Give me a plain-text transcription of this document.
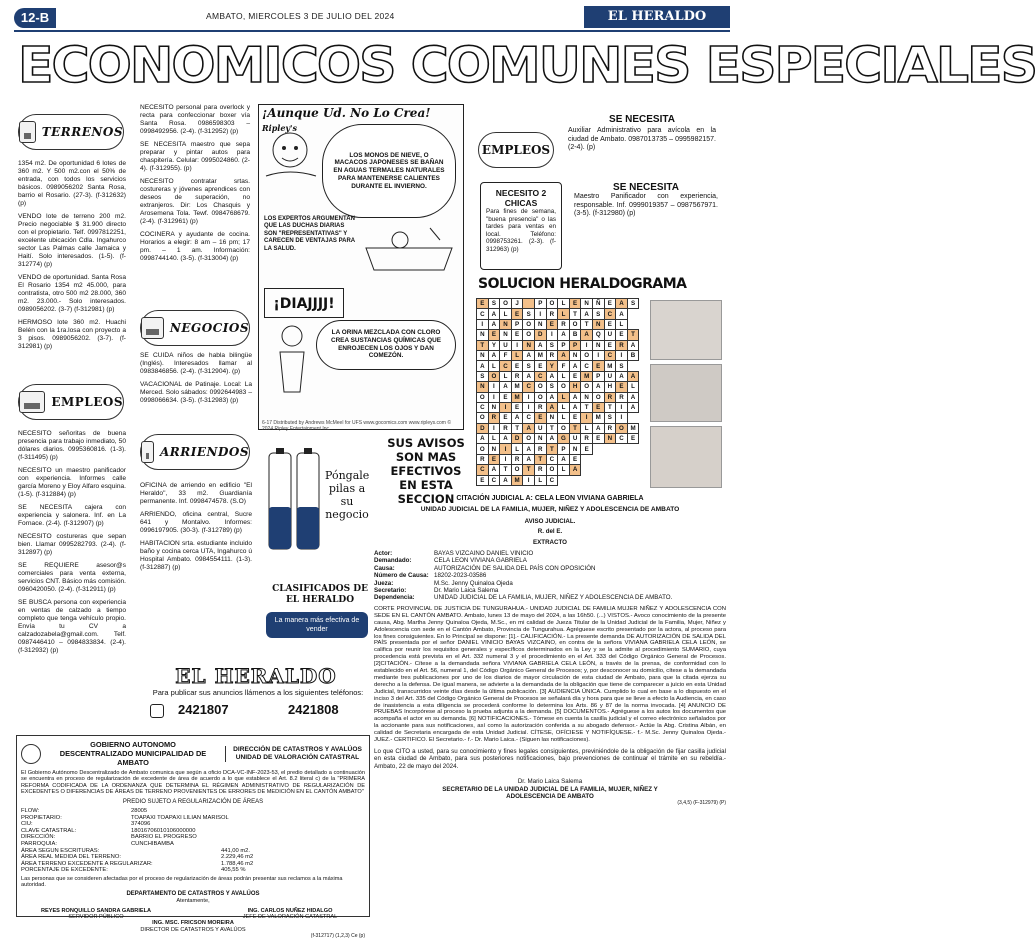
12-B	AMBATO, MIERCOLES 3 DE JULIO DEL 2024	EL HERALDO
ECONOMICOS COMUNES ESPECIALES
TERRENOS

1354 m2. De oportunidad 6 lotes de 360 m2. Y 500 m2.con el 50% de entrada, con todos los servicios básicos. 0989056202 Santa Rosa, barrio el Rosario. (27-3). (f-312632) (p)

VENDO lote de terreno 200 m2. Precio negociable $ 31.900 directo con el propietario. Telf. 0997812251, excelente ubicación Cdla. Ingahurco sector Las Palmas calle Jamaica y Haití. Solo interesados. (1-5). (f-312774) (p)

VENDO de oportunidad. Santa Rosa El Rosario 1354 m2 45.000, para contratista, otro 500 m2 28.000, 360 m2. 23.000.- Solo interesados. 0989056202. (3-7) (f-312981) (p)

HERMOSO lote 360 m2. Huachi Belén con la 1ra.losa con proyecto a 3 pisos. 0989056202. (3-7). (f-312981) (p)

EMPLEOS

NECESITO señoritas de buena presencia para trabajo inmediato, 50 dólares diarios. 0995360816. (1-3). (f-311495) (p)

NECESITO un maestro panificador con experiencia. Informes calle garcía Moreno y Eloy Alfaro esquina. (1-5). (f-312884) (p)

SE NECESITA cajera con experiencia y salonera. Inf. en La Fornace. (2-4). (f-312907) (p)

NECESITO costureras que sepan bien. Llamar 0995282793. (2-4). (f-312897) (p)

SE REQUIERE asesor@s comerciales para venta externa, servicios CNT. Básico más comisión. 0960420050. (2-4). (f-312911) (p)

SE BUSCA persona con experiencia en ventas de calzado a tiempo completo que tenga vehículo propio. Envía tu CV a calzadozabela@gmail.com. Telf. 0987446410 – 0984833834. (2-4). (f-312932) (p)

NECESITO personal para overlock y recta para confeccionar boxer vía Santa Rosa. 0986598303 – 0998492956. (2-4). (f-312952) (p)

SE NECESITA maestro que sepa preparar y pintar autos para chaspitería. Celular: 0995024860. (2-4). (f-312955). (p)

NECESITO contratar srtas. costureras y jóvenes aprendices con deseos de superación, no extranjeros. Dir: Los Chasquis y Arosemena Tola. Tewf. 0984768679. (2-4). (f-312961) (p)

COCINERA y ayudante de cocina. Horarios a elegir: 8 am – 16 pm; 17 pm. – 1 am. Información: 0998744140. (3-5). (f-313004) (p)

NEGOCIOS

SE CUIDA niños de habla bilingüe (Inglés). Interesados llamar al 0983846856. (2-4). (f-312904). (p)

VACACIONAL de Patinaje. Local: La Merced. Solo sábados: 0992644983 – 0998066634. (3-5). (f-312983) (p)

ARRIENDOS

OFICINA de arriendo en edificio "El Heraldo", 33 m2. Guardianía permanente. Inf. 0998474578. (S.O)

ARRIENDO, oficina central, Sucre 641 y Montalvo. Informes: 0996197905. (30-3). (f-312789) (p)

HABITACION srta. estudiante incluido baño y cocina cerca UTA, Ingahurco ú Hospital Ambato. 0984554111. (1-3). (f-312887) (p)

¡Aunque Ud. No Lo Crea! Ripley's
LOS MONOS DE NIEVE, O MACACOS JAPONESES SE BAÑAN EN AGUAS TERMALES NATURALES PARA MANTENERSE CALIENTES DURANTE EL INVIERNO.
LOS EXPERTOS ARGUMENTAN QUE LAS DUCHAS DIARIAS SON "REPRESENTATIVAS" Y CARECEN DE VENTAJAS PARA LA SALUD.
¡DIAJJJJ!
LA ORINA MEZCLADA CON CLORO CREA SUSTANCIAS QUÍMICAS QUE ENROJECEN LOS OJOS Y DAN COMEZÓN.
6-17 Distributed by Andrews McMeel for UFS www.gocomics.com www.ripleys.com © 2024 Ripley Entertainment Inc.
SUS AVISOS SON MAS EFECTIVOS EN ESTA SECCION
Póngale pilas a su negocio
CLASIFICADOS DE EL HERALDO
La manera más efectiva de vender
EL HERALDO
Para publicar sus anuncios llámenos a los siguientes teléfonos:
2421807	2421808
EMPLEOS
SE NECESITA
Auxiliar Administrativo para avícola en la ciudad de Ambato. 0987013735 – 0995982157. (2-4). (p)
NECESITO 2 CHICAS
Para fines de semana, "buena presencia" o las tardes para ventas en local. Teléfono: 0998753261. (2-3). (f-312963) (p)
SE NECESITA
Maestro Panificador con experiencia, responsable. Inf. 0999019357 – 0987567971. (3-5). (f-312980) (p)
SOLUCION HERALDOGRAMA
E	S	O	J		P	O	L	E	N	Ñ	E	A	S
C	A	L	E	S	I	R	L	T	A	S	C	A	
I	A	N	P	O	N	E	R	O	T	N	E	L	
N	E	N	E	O	D	I	A	B	A	Q	U	E	T
T	Y	U	I	N	A	S	P	P	I	N	E	R	A
N	A	F	L	A	M	R	A	N	O	I	C	I	B
A	L	C	E	S	E	Y	F	A	C	E	M	S	
S	O	L	R	A	C	A	L	E	M	P	U	A	A
N	I	A	M	C	O	S	O	H	O	A	H	E	L
O	I	E	M	I	O	A	L	A	N	O	R	R	A
C	N	I	E	I	R	A	L	A	T	E	T	I	A
O	R	E	A	C	E	N	L	E	I	M	S	I	
D	I	R	T	A	U	T	O	T	L	A	R	O	M
A	L	A	D	O	N	A	G	U	R	E	N	C	E
O	N	I	L	A	R	T	P	N	E				
R	E	I	R	A	T	C	A	E					
C	A	T	O	T	R	O	L	A					
E	C	A	M	I	L	C							
CITACIÓN JUDICIAL A: CELA LEON VIVIANA GABRIELA
UNIDAD JUDICIAL DE LA FAMILIA, MUJER, NIÑEZ Y ADOLESCENCIA DE AMBATO
AVISO JUDICIAL.
R. del E.
EXTRACTO
Actor:	BAYAS VIZCAINO DANIEL VINICIO
Demandado:	CELA LEON VIVIANA GABRIELA
Causa:	AUTORIZACIÓN DE SALIDA DEL PAÍS CON OPOSICIÓN
Número de Causa: 18202-2023-03586
Jueza:	M.Sc. Jenny Quinaloa Ojeda
Secretario:	Dr. Mario Laica Salema
Dependencia:	UNIDAD JUDICIAL DE LA FAMILIA, MUJER, NIÑEZ Y ADOLESCENCIA DE AMBATO.
CORTE PROVINCIAL DE JUSTICIA DE TUNGURAHUA.- UNIDAD JUDICIAL DE FAMILIA MUJER NIÑEZ Y ADOLESCENCIA CON SEDE EN EL CANTÓN AMBATO. Ambato, lunes 13 de mayo del 2024, a las 16h50. (...) VISTOS.- Avoco conocimiento de la presente causa, Abg. Martha Jenny Quinaloa Ojeda, M.Sc., en mi calidad de Jueza Titular de la Unidad Judicial de la Familia, Mujer, Niñez y Adolescencia con sede en el Cantón Ambato, Provincia de Tungurahua. Agréguese escrito presentado por la actora, al proceso para los fines consiguientes. En lo Principal se dispone: [1].- CALIFICACIÓN.- La presente demanda DE AUTORIZACIÓN DE SALIDA DEL PAÍS presentada por el señor DANIEL VINICIO BAYAS VIZCAINO, en contra de la señora VIVIANA GABRIELA CELA LEÓN, se califica por reunir los requisitos generales y específicos determinados en la Ley y se la admite al procedimiento SUMARIO, cuya procedencia está prevista en el Art. 332 numeral 3 y el procedimiento en el Art. 333 del Código Orgánico General de Procesos. [2]CITACIÓN.- Cítese a la demandada señora VIVIANA GABRIELA CELA LEÓN, a través de la prensa, de conformidad con lo establecido en el Art. 56, numeral 1, del Código Orgánico General de Procesos; y, por desconocer su domicilio, cítese a la demandada mediante tres publicaciones por uno de los diarios de mayor circulación de esta ciudad de Ambato, para que la citada ejerza su derecho a la defensa. De igual manera, se advierte a la demandada de la obligación que tiene de comparecer a juicio en esta Unidad Judicial, transcurridos veinte días desde la última publicación. [3] AUDIENCIA ÚNICA. Cumplido lo cual en base a lo dispuesto en el inciso 3 del Art. 335 del Código Orgánico General de Procesos se señalará día y hora para que se lleve a efecto la Audiencia, en caso de inasistencia a esta diligencia se procederá conforme lo determina los Arts. 86 y 87 de la norma invocada. [4] ANUNCIO DE PRUEBAS Incorpórese al proceso la prueba adjunta a la demanda. [5] DOCUMENTOS.- Agréguese a los autos los documentos que acompaña el actor en su demanda. [6] NOTIFICACIONES.- Tómese en cuenta la casilla judicial y el correo electrónico señalados por la accionante para sus notificaciones, así como la autorización conferida a su abogado defensor.- Actúe la Abg. Cristina Albán, en calidad de Secretaria encargada de esta Unidad Judicial. CÍTESE, OFÍCIESE Y NOTIFÍQUESE.- f.- M.Sc. Jenny Quinaloa Ojeda.- JUEZ.- CERTIFICO. El Secretario.- f.- Dr. Mario Laica.- (Siguen las notificaciones).
Lo que CITO a usted, para su conocimiento y fines legales consiguientes, previniéndole de la obligación de fijar casilla judicial en esta ciudad de Ambato, para sus posteriores notificaciones, bajo prevenciones de continuar el trámite en su rebeldía.- Ambato, 22 de mayo del 2024.
Dr. Mario Laica Salema
SECRETARIO DE LA UNIDAD JUDICIAL DE LA FAMILIA, MUJER, NIÑEZ Y ADOLESCENCIA DE AMBATO
(3,4,5) (F-312979) (P)
GOBIERNO AUTONOMO DESCENTRALIZADO MUNICIPALIDAD DE AMBATO
DIRECCIÓN DE CATASTROS Y AVALÚOS UNIDAD DE VALORACIÓN CATASTRAL
El Gobierno Autónomo Descentralizado de Ambato comunica que según a oficio DCA-VC-INF-2023-53, el predio detallado a continuación se encuentra en proceso de regularización de excedente de área de acuerdo a lo que establece el Art. 8.2 literal c) de la "PRIMERA REFORMA CODIFICADA DE LA ORDENANZA QUE DETERMINA EL RÉGIMEN ADMINISTRATIVO DE REGULARIZACIÓN DE EXCEDENTES O DIFERENCIAS DE ÁREAS DE TERRENO PROVENIENTES DE ERRORES DE MEDICIÓN EN EL CANTÓN AMBATO"
PREDIO SUJETO A REGULARIZACIÓN DE ÁREAS
FLOW:	28005
PROPIETARIO:	TOAPAXI TOAPAXI LILIAN MARISOL
CIU:	374096
CLAVE CATASTRAL:	18016706010106000000
DIRECCIÓN:	BARRIO EL PROGRESO
PARROQUIA:	CUNCHIBAMBA
ÁREA SEGUN ESCRITURAS:	441,00 m2.
ÁREA REAL MEDIDA DEL TERRENO:	2.229,46 m2
ÁREA TERRENO EXCEDENTE A REGULARIZAR:	1.788,46 m2
PORCENTAJE DE EXCEDENTE:	405,55 %
Las personas que se consideren afectadas por el proceso de regularización de áreas podrán presentar sus reclamos a la máxima autoridad.
DEPARTAMENTO DE CATASTROS Y AVALÚOS
Atentamente,
REYES RONQUILLO SANDRA GABRIELA
SERVIDOR PÚBLICO
ING. CARLOS NUÑEZ HIDALGO
JEFE DE VALORACIÓN CATASTRAL
ING. MSC. FRICSON MOREIRA
DIRECTOR DE CATASTROS Y AVALÚOS
(f-312717) (1,2,3) Ce (p)
